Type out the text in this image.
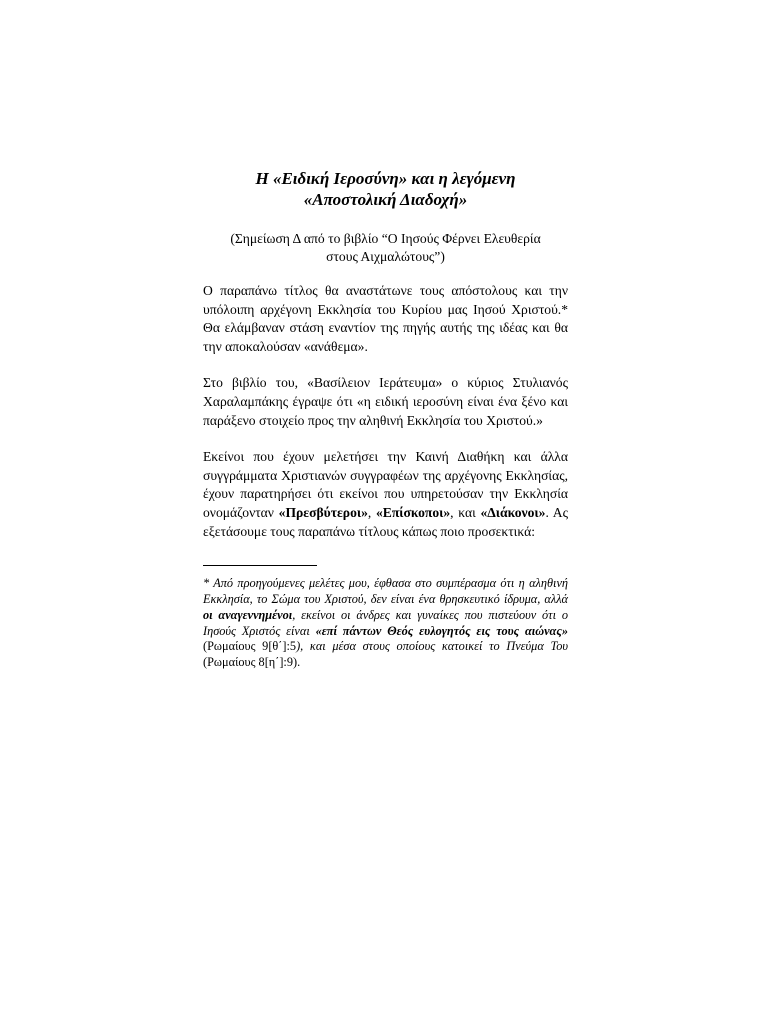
Η «Ειδική Ιεροσύνη» και η λεγόμενη
«Αποστολική Διαδοχή»

(Σημείωση Δ από το βιβλίο “Ο Ιησούς Φέρνει Ελευθερία
στους Αιχμαλώτους”)

Ο παραπάνω τίτλος θα αναστάτωνε τους απόστολους και την υπόλοιπη αρχέγονη Εκκλησία του Κυρίου μας Ιησού Χριστού.* Θα ελάμβαναν στάση εναντίον της πηγής αυτής της ιδέας και θα την αποκαλούσαν «ανάθεμα».

Στο βιβλίο του, «Βασίλειον Ιεράτευμα» ο κύριος Στυλιανός Χαραλαμπάκης έγραψε ότι «η ειδική ιεροσύνη είναι ένα ξένο και παράξενο στοιχείο προς την αληθινή Εκκλησία του Χριστού.»

Εκείνοι που έχουν μελετήσει την Καινή Διαθήκη και άλλα συγγράμματα Χριστιανών συγγραφέων της αρχέγονης Εκκλησίας, έχουν παρατηρήσει ότι εκείνοι που υπηρετούσαν την Εκκλησία ονομάζονταν «Πρεσβύτεροι», «Επίσκοποι», και «Διάκονοι». Ας εξετάσουμε τους παραπάνω τίτλους κάπως ποιο προσεκτικά:

* Από προηγούμενες μελέτες μου, έφθασα στο συμπέρασμα ότι η αληθινή Εκκλησία, το Σώμα του Χριστού, δεν είναι ένα θρησκευτικό ίδρυμα, αλλά οι αναγεννημένοι, εκείνοι οι άνδρες και γυναίκες που πιστεύουν ότι ο Ιησούς Χριστός είναι «επί πάντων Θεός ευλογητός εις τους αιώνας» (Ρωμαίους 9[θ΄]:5), και μέσα στους οποίους κατοικεί το Πνεύμα Του (Ρωμαίους 8[η΄]:9).
